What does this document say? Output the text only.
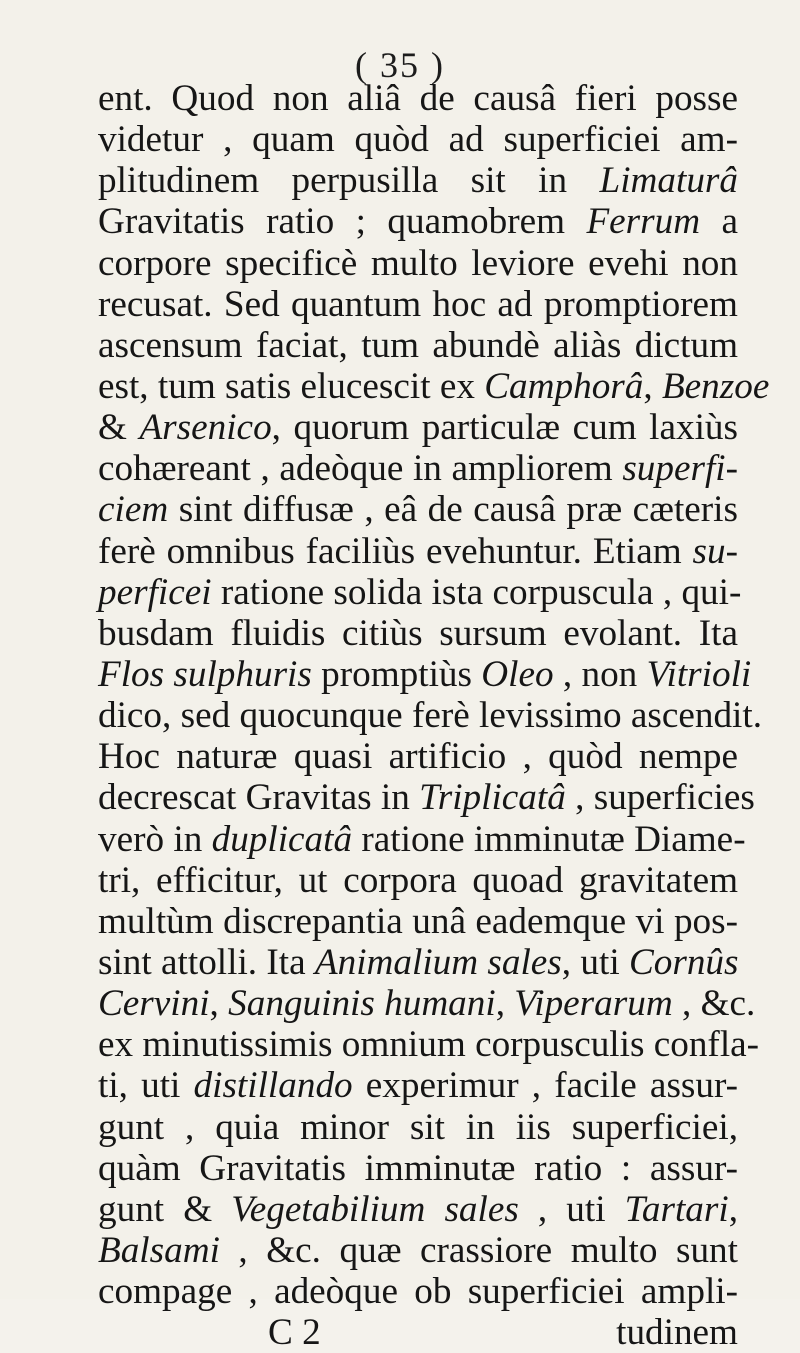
( 35 )
ent. Quod non aliâ de causâ fieri posse
videtur , quam quòd ad superficiei am-
plitudinem perpusilla sit in Limaturâ
Gravitatis ratio ; quamobrem Ferrum a
corpore specificè multo leviore evehi non
recusat. Sed quantum hoc ad promptiorem
ascensum faciat, tum abundè aliàs dictum
est, tum satis elucescit ex Camphorâ, Benzoe
& Arsenico, quorum particulæ cum laxiùs
cohæreant , adeòque in ampliorem superfi-
ciem sint diffusæ , eâ de causâ præ cæteris
ferè omnibus faciliùs evehuntur. Etiam su-
perficei ratione solida ista corpuscula , qui-
busdam fluidis citiùs sursum evolant. Ita
Flos sulphuris promptiùs Oleo , non Vitrioli
dico, sed quocunque ferè levissimo ascendit.
Hoc naturæ quasi artificio , quòd nempe
decrescat Gravitas in Triplicatâ , superficies
verò in duplicatâ ratione imminutæ Diame-
tri, efficitur, ut corpora quoad gravitatem
multùm discrepantia unâ eademque vi pos-
sint attolli. Ita Animalium sales, uti Cornûs
Cervini, Sanguinis humani, Viperarum , &c.
ex minutissimis omnium corpusculis confla-
ti, uti distillando experimur , facile assur-
gunt , quia minor sit in iis superficiei,
quàm Gravitatis imminutæ ratio : assur-
gunt & Vegetabilium sales , uti Tartari,
Balsami , &c. quæ crassiore multo sunt
compage , adeòque ob superficiei ampli-
C 2	tudinem
